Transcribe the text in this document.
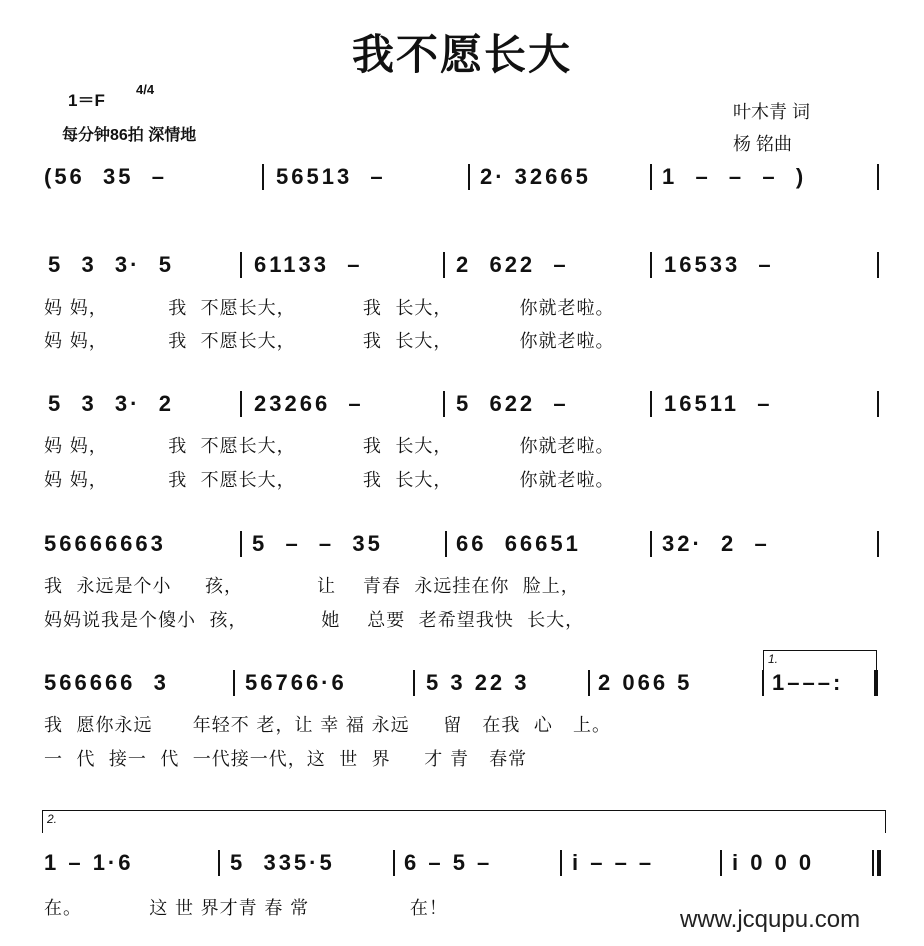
我不愿长大
1＝F
4/4
每分钟86拍 深情地
叶木青 词
杨 铭曲
(56  35  –	56513  –	2· 32665	1  –  –  –  )
5  3  3·  5	61133  –	2  622  –	16533  –
妈 妈，         我  不愿长大，          我  长大，          你就老啦。
妈 妈，         我  不愿长大，          我  长大，          你就老啦。
5  3  3·  2	23266  –	5  622  –	16511  –
妈 妈，         我  不愿长大，          我  长大，          你就老啦。
妈 妈，         我  不愿长大，          我  长大，          你就老啦。
56666663	5  –  –  35	66  66651	32·  2  –
我  永远是个小     孩，           让    青春  永远挂在你  脸上，
妈妈说我是个傻小  孩，           她    总要  老希望我快  长大，
1.
566666  3	56766·6	5 3 22 3	2 066 5	1–––:
我  愿你永远      年轻不 老，让 幸 福 永远     留   在我  心   上。
一  代  接一  代  一代接一代，这  世  界     才 青   春常
2.
1 – 1·6	5  335·5	6 – 5 –	i – – –	i 0 0 0
在。          这 世 界才青 春 常               在！	www.jcqupu.com
